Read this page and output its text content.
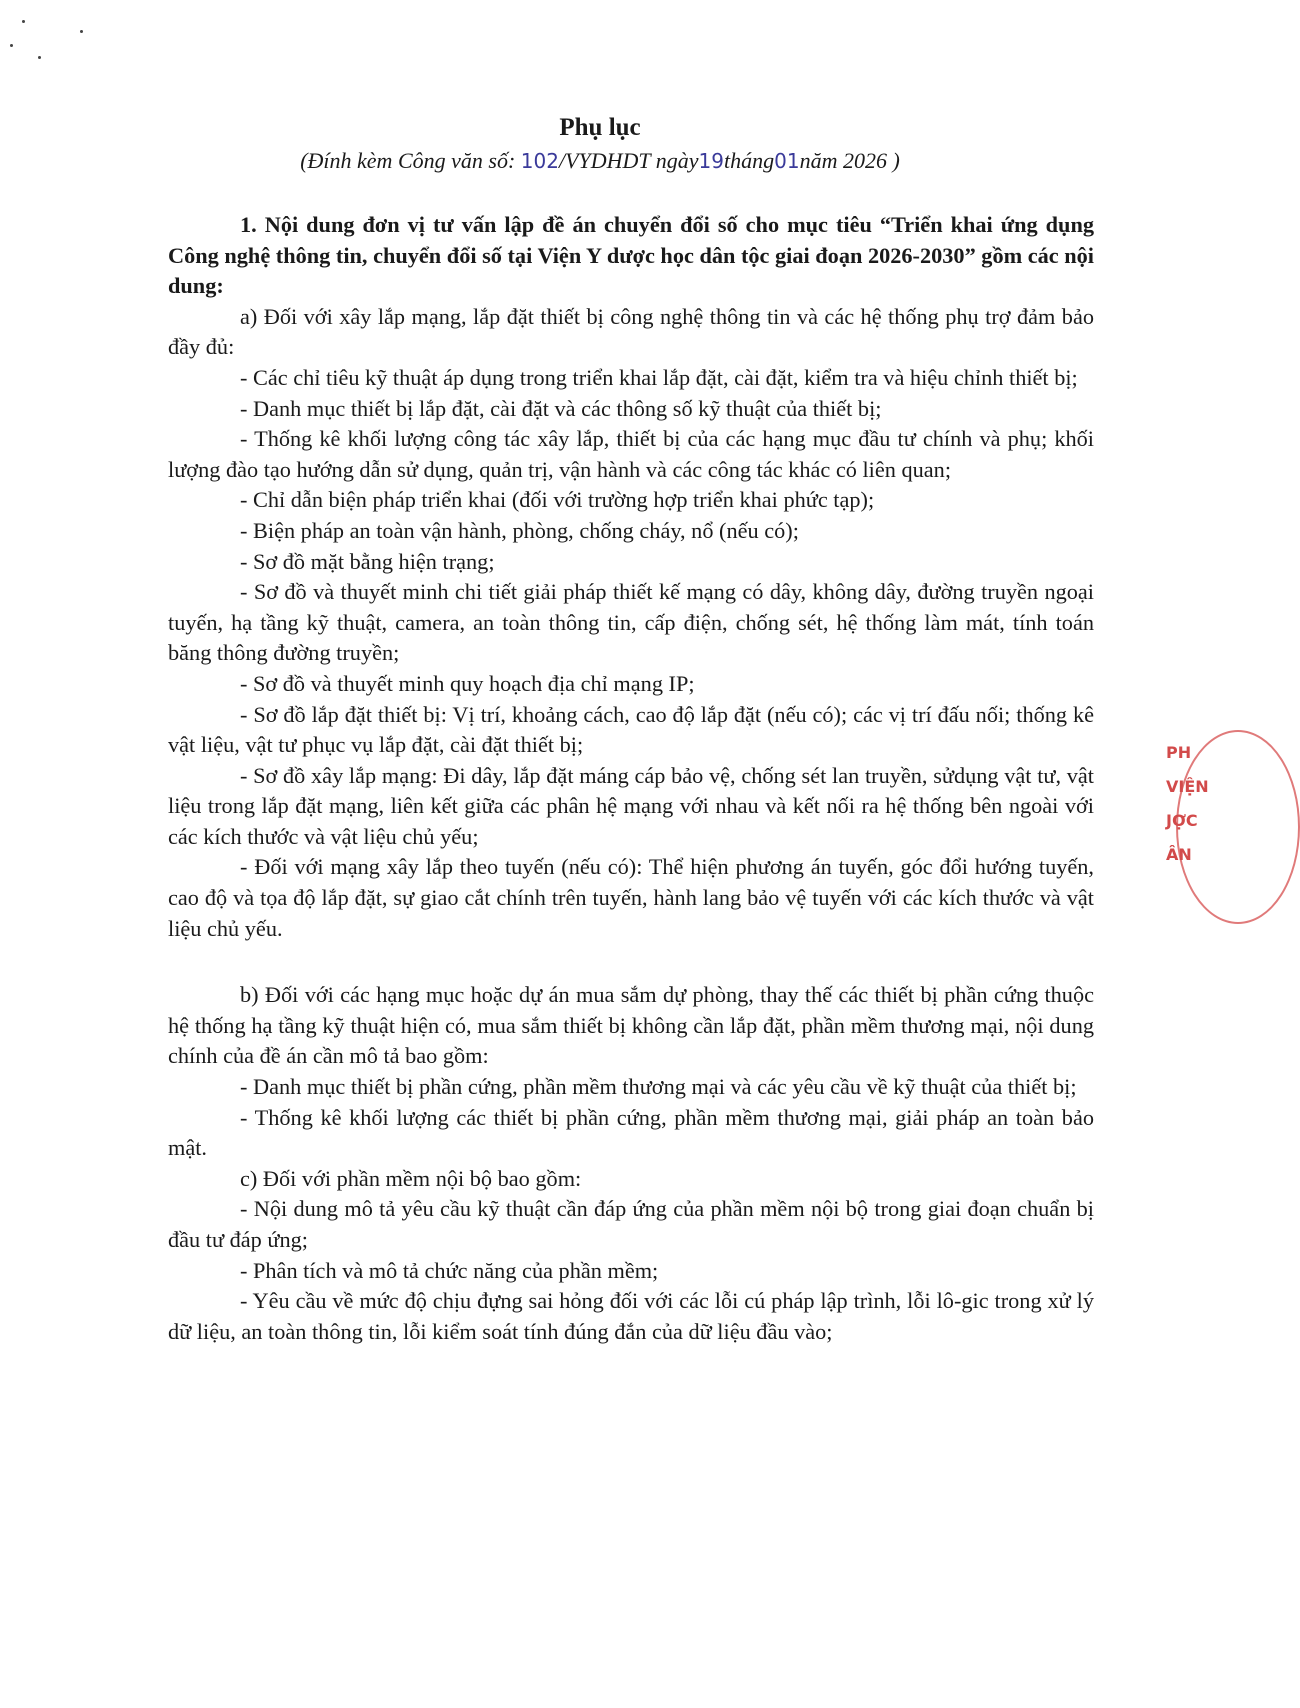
Phụ lục
(Đính kèm Công văn số: 102/VYDHDT ngày19tháng01năm 2026 )

1. Nội dung đơn vị tư vấn lập đề án chuyển đổi số cho mục tiêu “Triển khai ứng dụng Công nghệ thông tin, chuyển đổi số tại Viện Y dược học dân tộc giai đoạn 2026-2030” gồm các nội dung:

a) Đối với xây lắp mạng, lắp đặt thiết bị công nghệ thông tin và các hệ thống phụ trợ đảm bảo đầy đủ:

- Các chỉ tiêu kỹ thuật áp dụng trong triển khai lắp đặt, cài đặt, kiểm tra và hiệu chỉnh thiết bị;

- Danh mục thiết bị lắp đặt, cài đặt và các thông số kỹ thuật của thiết bị;

- Thống kê khối lượng công tác xây lắp, thiết bị của các hạng mục đầu tư chính và phụ; khối lượng đào tạo hướng dẫn sử dụng, quản trị, vận hành và các công tác khác có liên quan;

- Chỉ dẫn biện pháp triển khai (đối với trường hợp triển khai phức tạp);

- Biện pháp an toàn vận hành, phòng, chống cháy, nổ (nếu có);

- Sơ đồ mặt bằng hiện trạng;

- Sơ đồ và thuyết minh chi tiết giải pháp thiết kế mạng có dây, không dây, đường truyền ngoại tuyến, hạ tầng kỹ thuật, camera, an toàn thông tin, cấp điện, chống sét, hệ thống làm mát, tính toán băng thông đường truyền;

- Sơ đồ và thuyết minh quy hoạch địa chỉ mạng IP;

- Sơ đồ lắp đặt thiết bị: Vị trí, khoảng cách, cao độ lắp đặt (nếu có); các vị trí đấu nối; thống kê vật liệu, vật tư phục vụ lắp đặt, cài đặt thiết bị;

- Sơ đồ xây lắp mạng: Đi dây, lắp đặt máng cáp bảo vệ, chống sét lan truyền, sửdụng vật tư, vật liệu trong lắp đặt mạng, liên kết giữa các phân hệ mạng với nhau và kết nối ra hệ thống bên ngoài với các kích thước và vật liệu chủ yếu;

- Đối với mạng xây lắp theo tuyến (nếu có): Thể hiện phương án tuyến, góc đổi hướng tuyến, cao độ và tọa độ lắp đặt, sự giao cắt chính trên tuyến, hành lang bảo vệ tuyến với các kích thước và vật liệu chủ yếu.

b) Đối với các hạng mục hoặc dự án mua sắm dự phòng, thay thế các thiết bị phần cứng thuộc hệ thống hạ tầng kỹ thuật hiện có, mua sắm thiết bị không cần lắp đặt, phần mềm thương mại, nội dung chính của đề án cần mô tả bao gồm:

- Danh mục thiết bị phần cứng, phần mềm thương mại và các yêu cầu về kỹ thuật của thiết bị;

- Thống kê khối lượng các thiết bị phần cứng, phần mềm thương mại, giải pháp an toàn bảo mật.

c) Đối với phần mềm nội bộ bao gồm:

- Nội dung mô tả yêu cầu kỹ thuật cần đáp ứng của phần mềm nội bộ trong giai đoạn chuẩn bị đầu tư đáp ứng;

- Phân tích và mô tả chức năng của phần mềm;

- Yêu cầu về mức độ chịu đựng sai hỏng đối với các lỗi cú pháp lập trình, lỗi lô-gic trong xử lý dữ liệu, an toàn thông tin, lỗi kiểm soát tính đúng đắn của dữ liệu đầu vào;

PH
VIỆN
JỢC
ÂN
